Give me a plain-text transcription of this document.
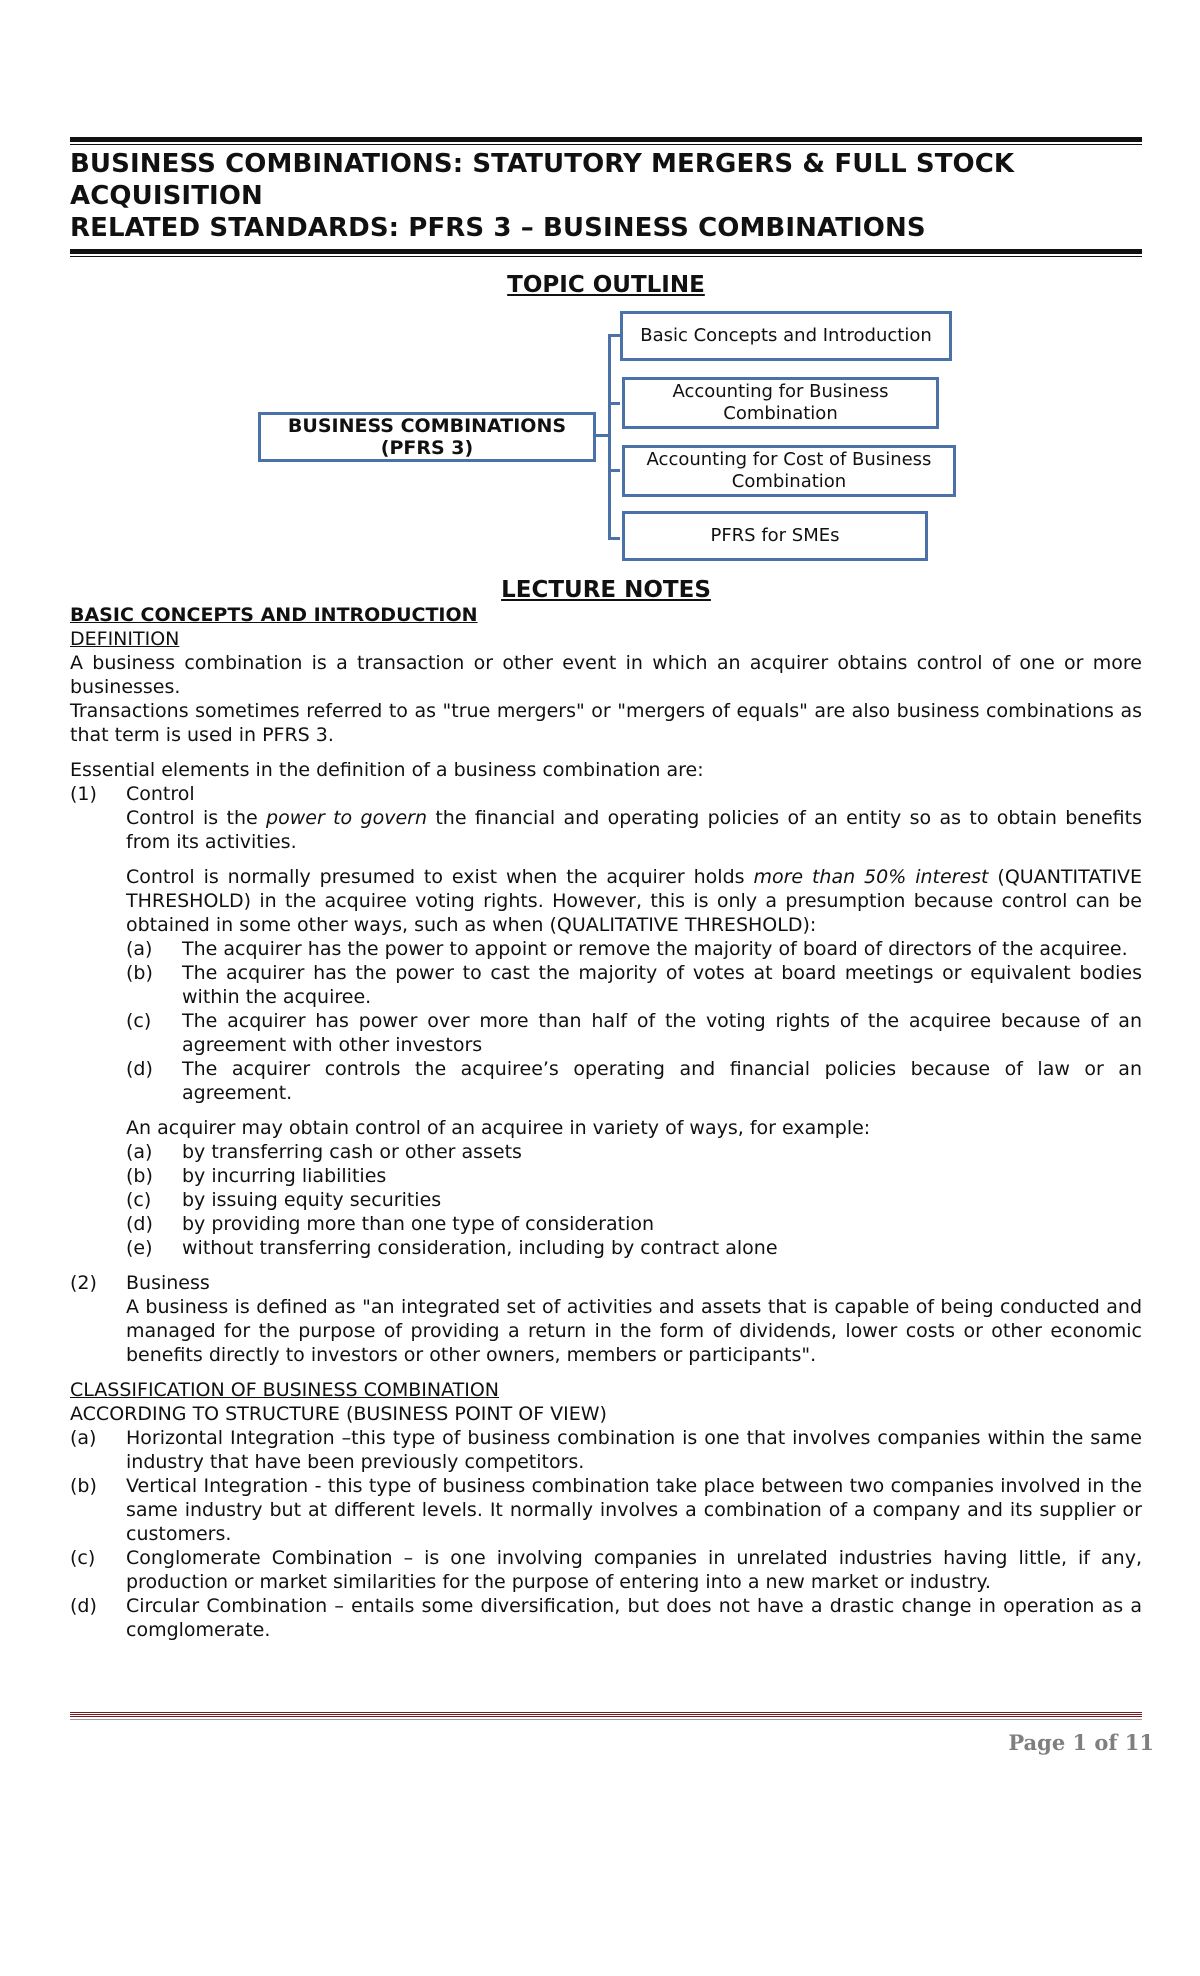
BUSINESS COMBINATIONS: STATUTORY MERGERS & FULL STOCK
ACQUISITION
RELATED STANDARDS: PFRS 3 – BUSINESS COMBINATIONS
TOPIC OUTLINE
BUSINESS COMBINATIONS
(PFRS 3)
Basic Concepts and Introduction
Accounting for Business
Combination
Accounting for Cost of Business
Combination
PFRS for SMEs
LECTURE NOTES

BASIC CONCEPTS AND INTRODUCTION

DEFINITION

A business combination is a transaction or other event in which an acquirer obtains control of one or more businesses.

Transactions sometimes referred to as "true mergers" or "mergers of equals" are also business combinations as that term is used in PFRS 3.

Essential elements in the definition of a business combination are:

(1)	Control

Control is the power to govern the financial and operating policies of an entity so as to obtain benefits from its activities.

Control is normally presumed to exist when the acquirer holds more than 50% interest (QUANTITATIVE THRESHOLD) in the acquiree voting rights. However, this is only a presumption because control can be obtained in some other ways, such as when (QUALITATIVE THRESHOLD):

(a)	The acquirer has the power to appoint or remove the majority of board of directors of the acquiree.
(b)	The acquirer has the power to cast the majority of votes at board meetings or equivalent bodies within the acquiree.
(c)	The acquirer has power over more than half of the voting rights of the acquiree because of an agreement with other investors
(d)	The acquirer controls the acquiree’s operating and financial policies because of law or an agreement.

An acquirer may obtain control of an acquiree in variety of ways, for example:

(a)	by transferring cash or other assets
(b)	by incurring liabilities
(c)	by issuing equity securities
(d)	by providing more than one type of consideration
(e)	without transferring consideration, including by contract alone
(2)	Business

A business is defined as "an integrated set of activities and assets that is capable of being conducted and managed for the purpose of providing a return in the form of dividends, lower costs or other economic benefits directly to investors or other owners, members or participants".

CLASSIFICATION OF BUSINESS COMBINATION

ACCORDING TO STRUCTURE (BUSINESS POINT OF VIEW)

(a)	Horizontal Integration –this type of business combination is one that involves companies within the same industry that have been previously competitors.
(b)	Vertical Integration - this type of business combination take place between two companies involved in the same industry but at different levels. It normally involves a combination of a company and its supplier or customers.
(c)	Conglomerate Combination – is one involving companies in unrelated industries having little, if any, production or market similarities for the purpose of entering into a new market or industry.
(d)	Circular Combination – entails some diversification, but does not have a drastic change in operation as a comglomerate.
Page 1 of 11
